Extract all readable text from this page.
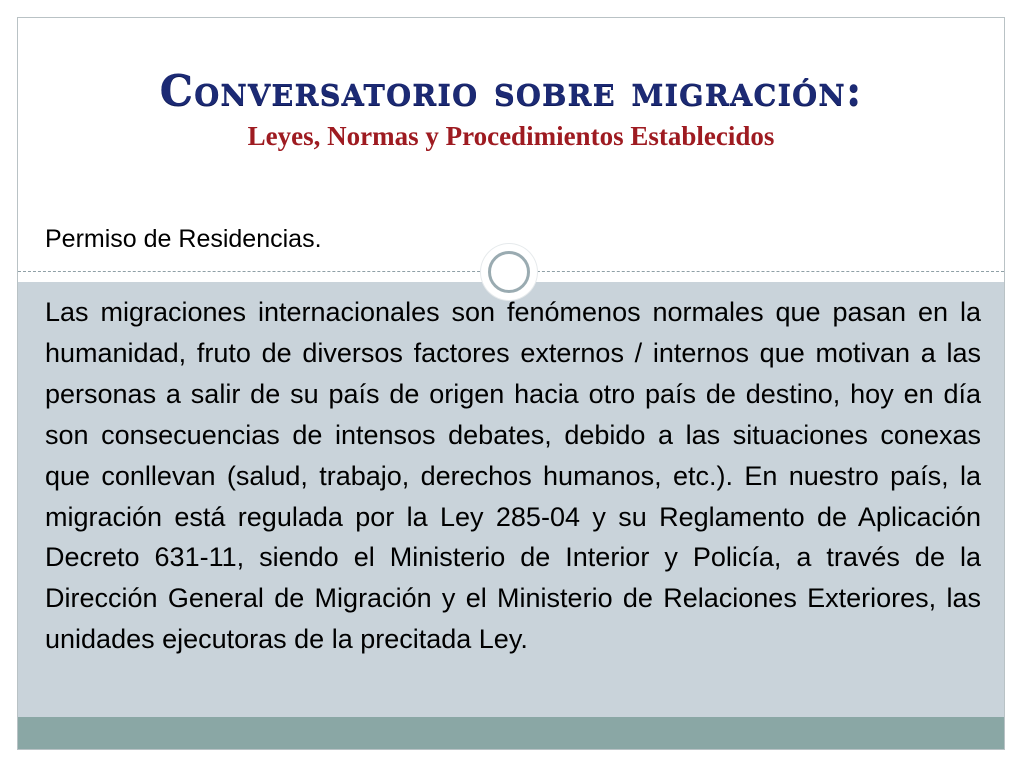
Conversatorio sobre migración:
Leyes, Normas y Procedimientos Establecidos
Permiso de Residencias.

Las migraciones internacionales son fenómenos normales que pasan en la humanidad, fruto de diversos factores externos / internos que motivan a las personas a salir de su país de origen hacia otro país de destino, hoy en día son consecuencias de intensos debates, debido a las situaciones conexas que conllevan (salud, trabajo, derechos humanos, etc.). En nuestro país, la migración está regulada por la Ley 285-04 y su Reglamento de Aplicación Decreto 631-11, siendo el Ministerio de Interior y Policía, a través de la Dirección General de Migración y el Ministerio de Relaciones Exteriores, las unidades ejecutoras de la precitada Ley.
